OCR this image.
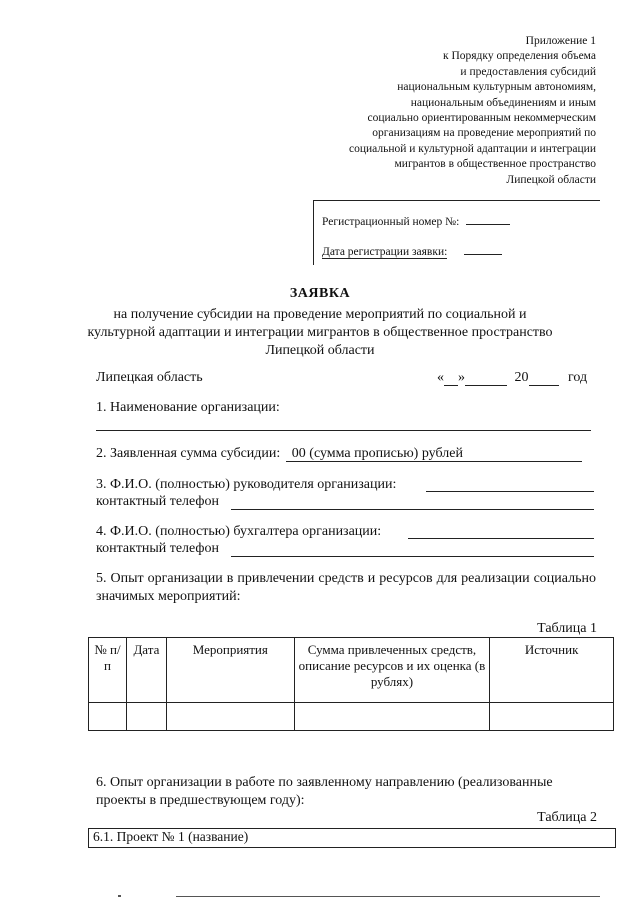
Приложение 1
к Порядку определения объема
и предоставления субсидий
национальным культурным автономиям,
национальным объединениям и иным
социально ориентированным некоммерческим
организациям на проведение мероприятий по
социальной и культурной адаптации и интеграции
мигрантов в общественное пространство
Липецкой области
Регистрационный номер №:
Дата регистрации заявки:
ЗАЯВКА
на получение субсидии на проведение мероприятий по социальной и культурной адаптации и интеграции мигрантов в общественное пространство Липецкой области
Липецкая область	« »	20	год
1. Наименование организации:
2. Заявленная сумма субсидии: 00 (сумма прописью) рублей
3. Ф.И.О. (полностью) руководителя организации:
контактный телефон
4. Ф.И.О. (полностью) бухгалтера организации:
контактный телефон
5. Опыт организации в привлечении средств и ресурсов для реализации социально значимых мероприятий:
Таблица 1
№ п/п	Дата	Мероприятия	Сумма привлеченных средств, описание ресурсов и их оценка (в рублях)	Источник

6. Опыт организации в работе по заявленному направлению (реализованные проекты в предшествующем году):
Таблица 2
6.1. Проект № 1 (название)
